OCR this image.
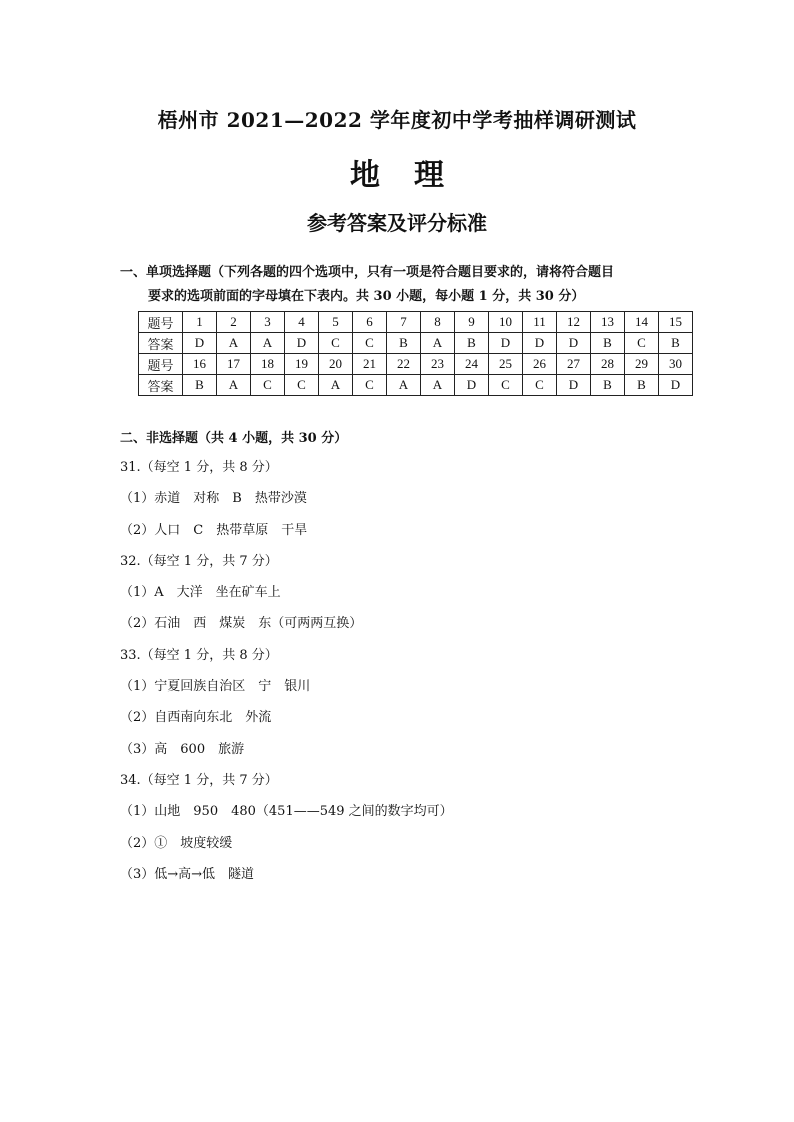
梧州市 2021—2022 学年度初中学考抽样调研测试
地理
参考答案及评分标准
一、单项选择题（下列各题的四个选项中，只有一项是符合题目要求的，请将符合题目
要求的选项前面的字母填在下表内。共 30 小题，每小题 1 分，共 30 分）
题号	1	2	3	4	5	6	7	8	9	10	11	12	13	14	15
答案	D	A	A	D	C	C	B	A	B	D	D	D	B	C	B
题号	16	17	18	19	20	21	22	23	24	25	26	27	28	29	30
答案	B	A	C	C	A	C	A	A	D	C	C	D	B	B	D
二、非选择题（共 4 小题，共 30 分）
31.（每空 1 分，共 8 分）
（1）赤道　对称　B　热带沙漠
（2）人口　C　热带草原　干旱
32.（每空 1 分，共 7 分）
（1）A　大洋　坐在矿车上
（2）石油　西　煤炭　东（可两两互换）
33.（每空 1 分，共 8 分）
（1）宁夏回族自治区　宁　银川
（2）自西南向东北　外流
（3）高　600　旅游
34.（每空 1 分，共 7 分）
（1）山地　950　480（451——549 之间的数字均可）
（2）①　坡度较缓
（3）低→高→低　隧道
